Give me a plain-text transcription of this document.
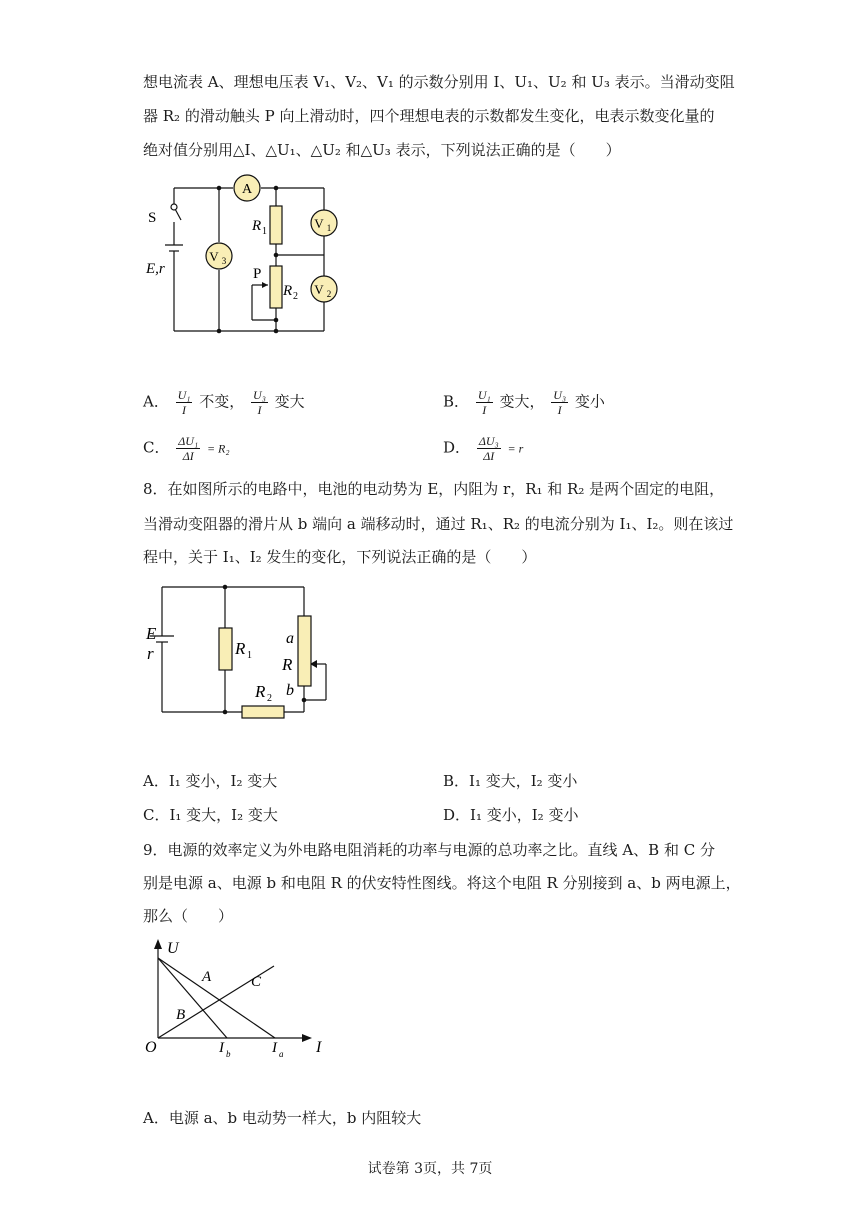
想电流表 A、理想电压表 V₁、V₂、V₁ 的示数分别用 I、U₁、U₂ 和 U₃ 表示。当滑动变阻
器 R₂ 的滑动触头 P 向上滑动时，四个理想电表的示数都发生变化，电表示数变化量的
绝对值分别用△I、△U₁、△U₂ 和△U₃ 表示，下列说法正确的是（　　）
A
V 3
V 1
V 2
S
E,r
R 1
R 2
P
A． $\frac{\text{U₁}}{I}$ 不变， $\frac{\text{U₃}}{I}$ 变大	B． $\frac{\text{U₁}}{I}$ 变大， $\frac{\text{U₃}}{I}$ 变小
C． $\frac{\text{ΔU₁}}{\Delta I} = R_2$	D． $\frac{\text{ΔU₃}}{\Delta I} = r$
8．在如图所示的电路中，电池的电动势为 E，内阻为 r，R₁ 和 R₂ 是两个固定的电阻，
当滑动变阻器的滑片从 b 端向 a 端移动时，通过 R₁、R₂ 的电流分别为 I₁、I₂。则在该过
程中，关于 I₁、I₂ 发生的变化，下列说法正确的是（　　）
E
r	R 1
R 2
R
a
b
A．I₁ 变小，I₂ 变大	B．I₁ 变大，I₂ 变小
C．I₁ 变大，I₂ 变大	D．I₁ 变小，I₂ 变小
9．电源的效率定义为外电路电阻消耗的功率与电源的总功率之比。直线 A、B 和 C 分
别是电源 a、电源 b 和电阻 R 的伏安特性图线。将这个电阻 R 分别接到 a、b 两电源上，
那么（　　）
U
I
O
A
B
C
I b	I a
A．电源 a、b 电动势一样大，b 内阻较大
试卷第 3页，共 7页
